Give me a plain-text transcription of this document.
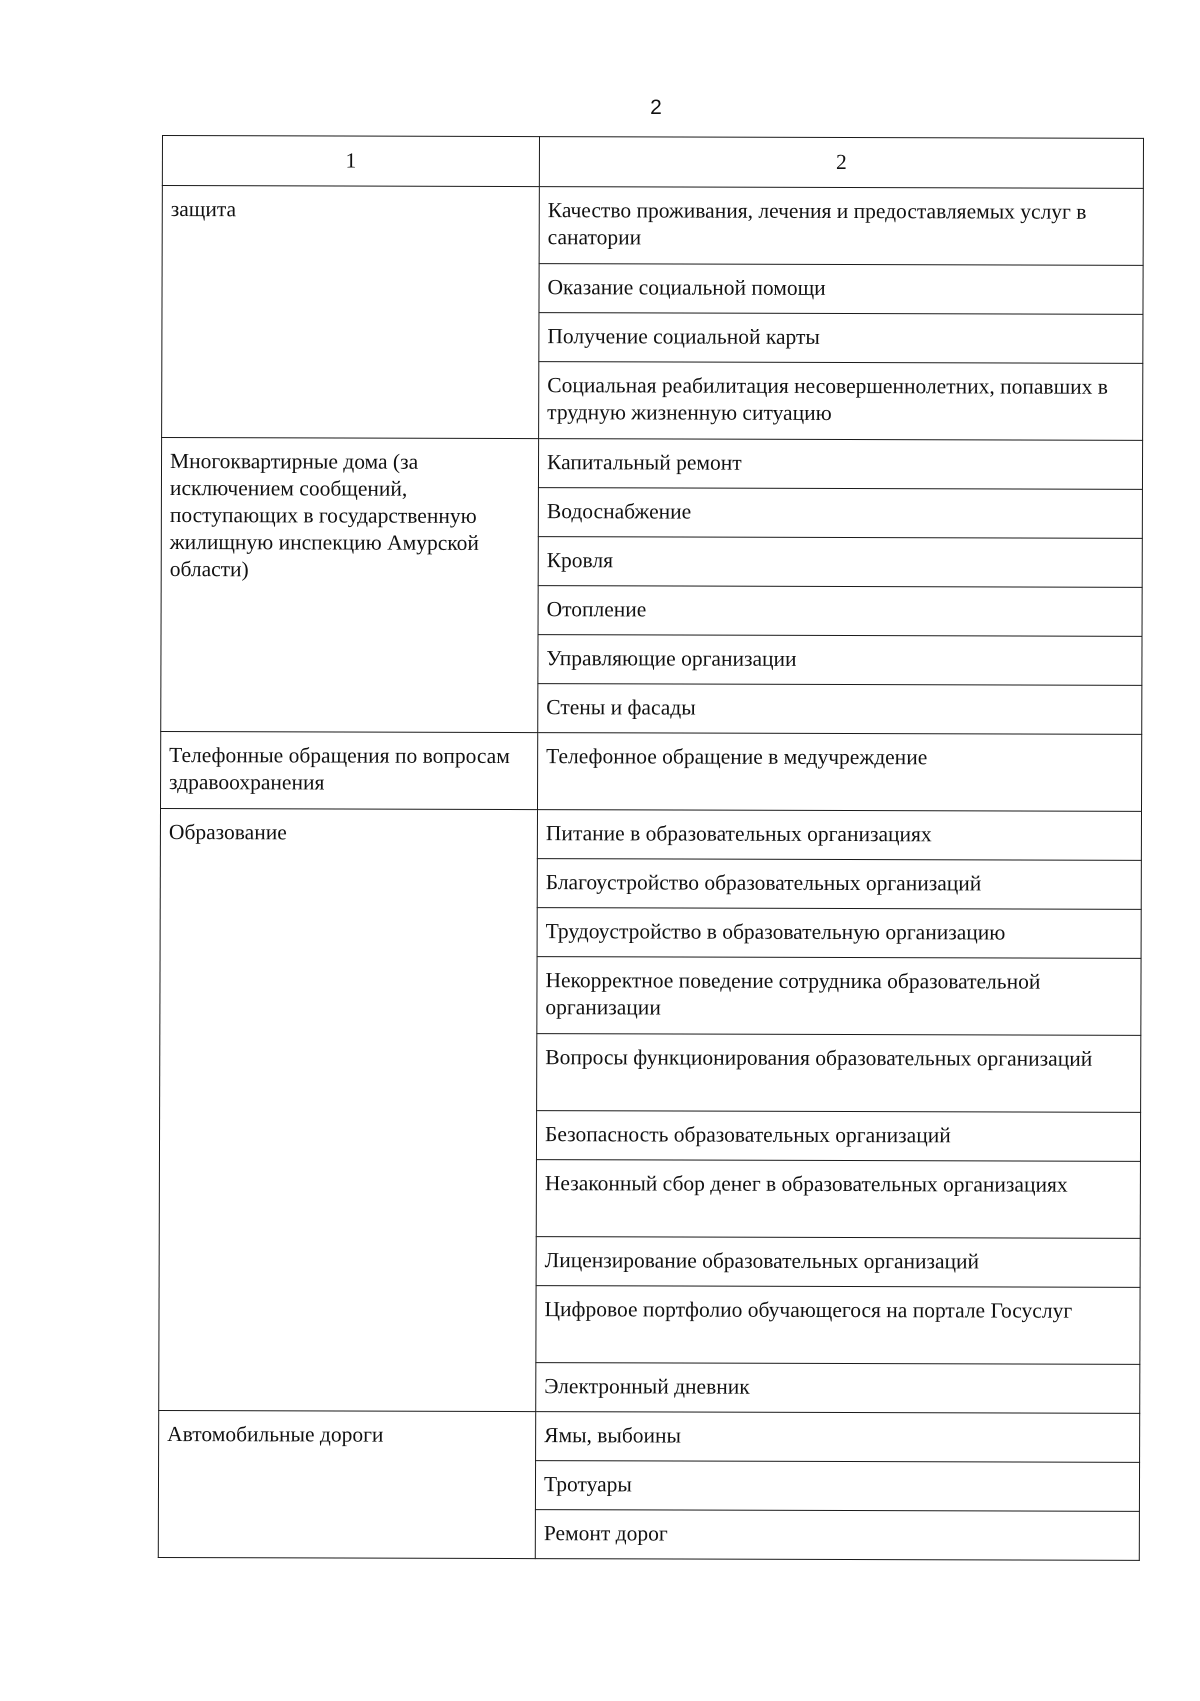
2
1	2
защита	Качество проживания, лечения и предоставляемых услуг в санатории
	Оказание социальной помощи
	Получение социальной карты
	Социальная реабилитация несовершеннолетних, попавших в трудную жизненную ситуацию
Многоквартирные дома (за исключением сообщений, поступающих в государственную жилищную инспекцию Амурской области)	Капитальный ремонт
	Водоснабжение
	Кровля
	Отопление
	Управляющие организации
	Стены и фасады
Телефонные обращения по вопросам здравоохранения	Телефонное обращение в медучреждение
Образование	Питание в образовательных организациях
	Благоустройство образовательных организаций
	Трудоустройство в образовательную организацию
	Некорректное поведение сотрудника образовательной организации
	Вопросы функционирования образовательных организаций
	Безопасность образовательных организаций
	Незаконный сбор денег в образовательных организациях
	Лицензирование образовательных организаций
	Цифровое портфолио обучающегося на портале Госуслуг
	Электронный дневник
Автомобильные дороги	Ямы, выбоины
	Тротуары
	Ремонт дорог
